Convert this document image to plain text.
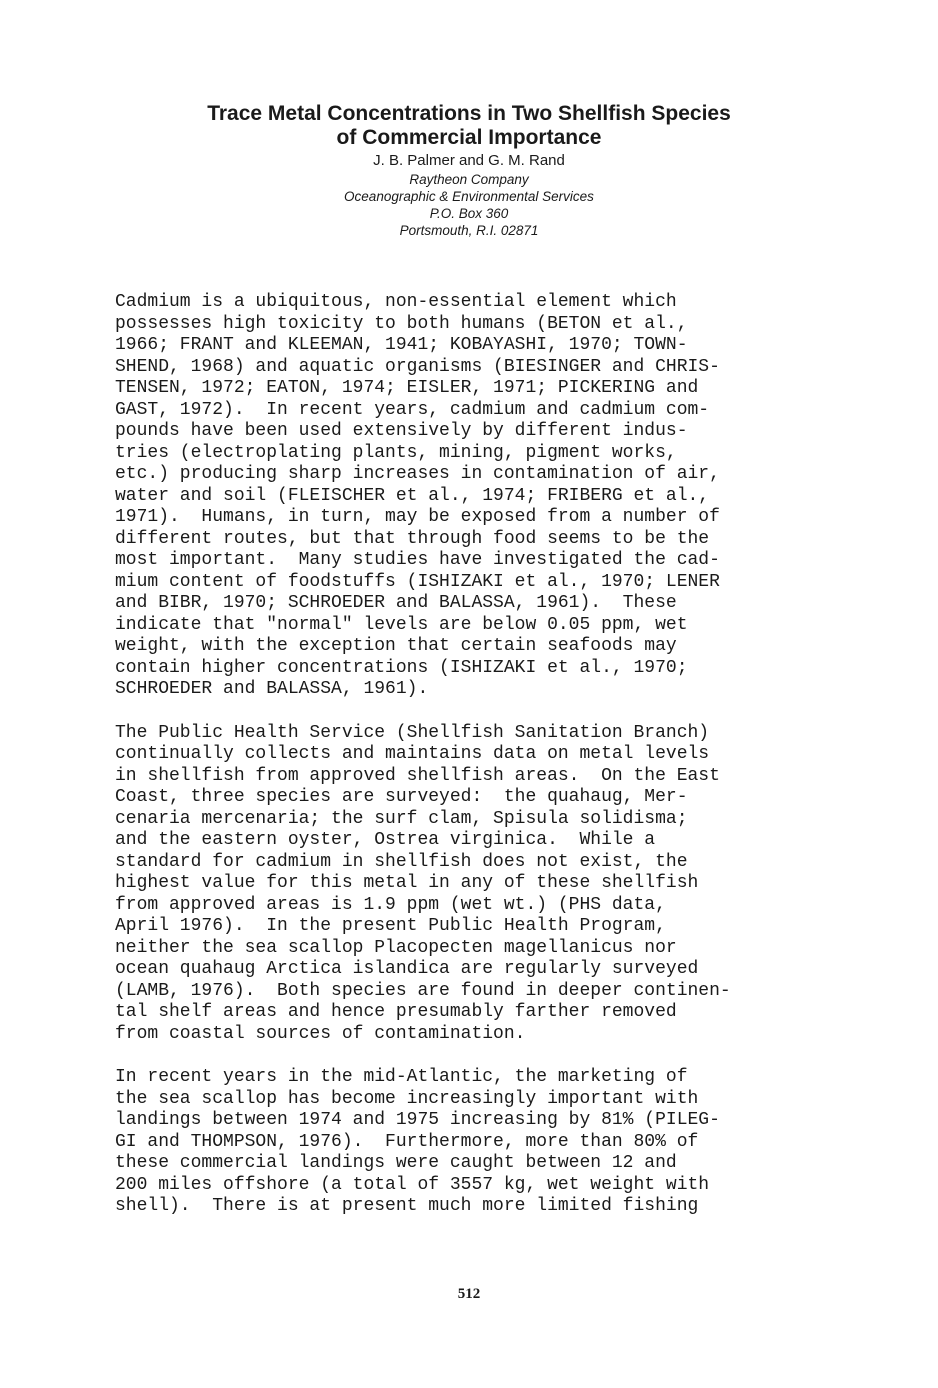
Trace Metal Concentrations in Two Shellfish Species
of Commercial Importance
J. B. Palmer and G. M. Rand
Raytheon Company
Oceanographic & Environmental Services
P.O. Box 360
Portsmouth, R.I. 02871
Cadmium is a ubiquitous, non-essential element which
possesses high toxicity to both humans (BETON et al.,
1966; FRANT and KLEEMAN, 1941; KOBAYASHI, 1970; TOWN-
SHEND, 1968) and aquatic organisms (BIESINGER and CHRIS-
TENSEN, 1972; EATON, 1974; EISLER, 1971; PICKERING and
GAST, 1972).  In recent years, cadmium and cadmium com-
pounds have been used extensively by different indus-
tries (electroplating plants, mining, pigment works,
etc.) producing sharp increases in contamination of air,
water and soil (FLEISCHER et al., 1974; FRIBERG et al.,
1971).  Humans, in turn, may be exposed from a number of
different routes, but that through food seems to be the
most important.  Many studies have investigated the cad-
mium content of foodstuffs (ISHIZAKI et al., 1970; LENER
and BIBR, 1970; SCHROEDER and BALASSA, 1961).  These
indicate that "normal" levels are below 0.05 ppm, wet
weight, with the exception that certain seafoods may
contain higher concentrations (ISHIZAKI et al., 1970;
SCHROEDER and BALASSA, 1961).
The Public Health Service (Shellfish Sanitation Branch)
continually collects and maintains data on metal levels
in shellfish from approved shellfish areas.  On the East
Coast, three species are surveyed:  the quahaug, Mer-
cenaria mercenaria; the surf clam, Spisula solidisma;
and the eastern oyster, Ostrea virginica.  While a
standard for cadmium in shellfish does not exist, the
highest value for this metal in any of these shellfish
from approved areas is 1.9 ppm (wet wt.) (PHS data,
April 1976).  In the present Public Health Program,
neither the sea scallop Placopecten magellanicus nor
ocean quahaug Arctica islandica are regularly surveyed
(LAMB, 1976).  Both species are found in deeper continen-
tal shelf areas and hence presumably farther removed
from coastal sources of contamination.
In recent years in the mid-Atlantic, the marketing of
the sea scallop has become increasingly important with
landings between 1974 and 1975 increasing by 81% (PILEG-
GI and THOMPSON, 1976).  Furthermore, more than 80% of
these commercial landings were caught between 12 and
200 miles offshore (a total of 3557 kg, wet weight with
shell).  There is at present much more limited fishing
512
